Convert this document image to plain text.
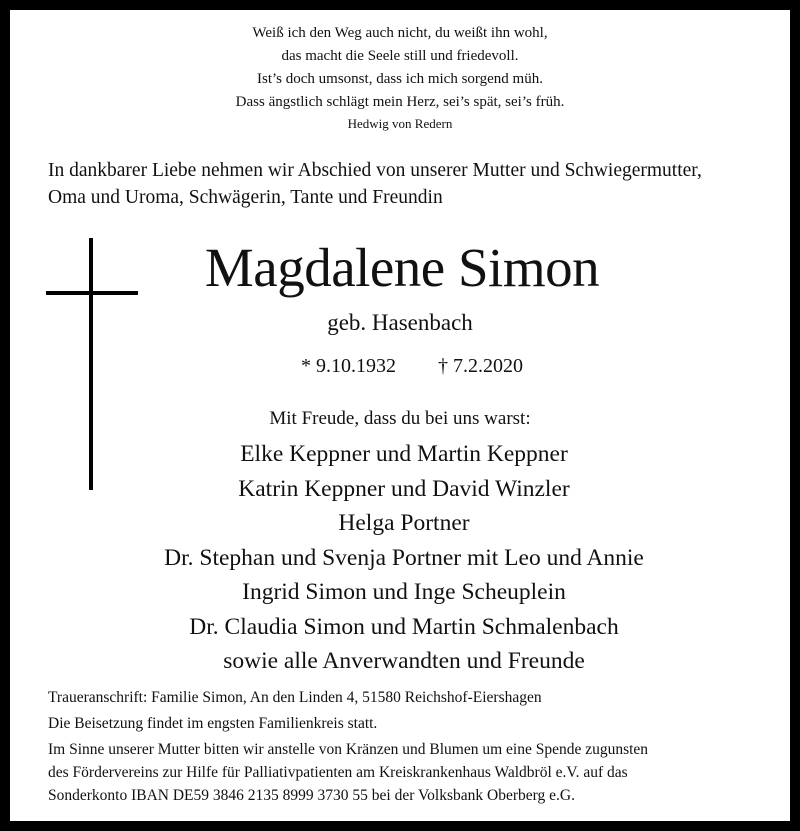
Weiß ich den Weg auch nicht, du weißt ihn wohl,
das macht die Seele still und friedevoll.
Ist’s doch umsonst, dass ich mich sorgend müh.
Dass ängstlich schlägt mein Herz, sei’s spät, sei’s früh.
Hedwig von Redern
In dankbarer Liebe nehmen wir Abschied von unserer Mutter und Schwiegermutter,
Oma und Uroma, Schwägerin, Tante und Freundin
Magdalene Simon
geb. Hasenbach
* 9.10.1932 † 7.2.2020
Mit Freude, dass du bei uns warst:
Elke Keppner und Martin Keppner
Katrin Keppner und David Winzler
Helga Portner
Dr. Stephan und Svenja Portner mit Leo und Annie
Ingrid Simon und Inge Scheuplein
Dr. Claudia Simon und Martin Schmalenbach
sowie alle Anverwandten und Freunde
Traueranschrift: Familie Simon, An den Linden 4, 51580 Reichshof-Eiershagen
Die Beisetzung findet im engsten Familienkreis statt.
Im Sinne unserer Mutter bitten wir anstelle von Kränzen und Blumen um eine Spende zugunsten
des Fördervereins zur Hilfe für Palliativpatienten am Kreiskrankenhaus Waldbröl e.V. auf das
Sonderkonto IBAN DE59 3846 2135 8999 3730 55 bei der Volksbank Oberberg e.G.
